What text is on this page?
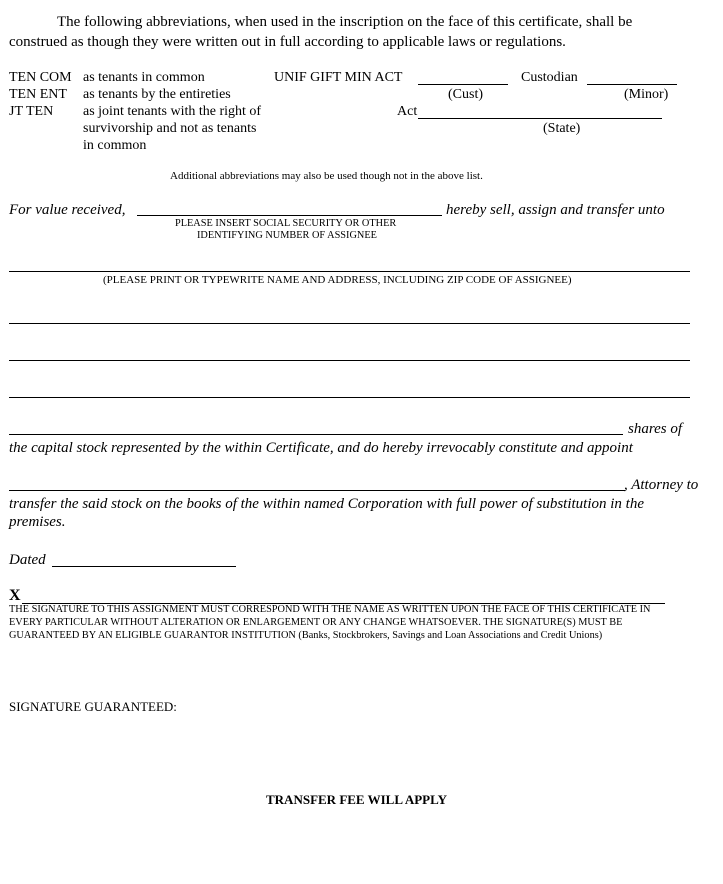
The following abbreviations, when used in the inscription on the face of this certificate, shall be
construed as though they were written out in full according to applicable laws or regulations.
TEN COM as tenants in common
TEN ENT as tenants by the entireties
JT TEN as joint tenants with the right of
survivorship and not as tenants
in common
UNIF GIFT MIN ACT	Custodian
(Cust)	(Minor)
Act
(State)
Additional abbreviations may also be used though not in the above list.
For value received,	hereby sell, assign and transfer unto
PLEASE INSERT SOCIAL SECURITY OR OTHER
IDENTIFYING NUMBER OF ASSIGNEE
(PLEASE PRINT OR TYPEWRITE NAME AND ADDRESS, INCLUDING ZIP CODE OF ASSIGNEE)
shares of
the capital stock represented by the within Certificate, and do hereby irrevocably constitute and appoint
, Attorney to
transfer the said stock on the books of the within named Corporation with full power of substitution in the
premises.
Dated
X
THE SIGNATURE TO THIS ASSIGNMENT MUST CORRESPOND WITH THE NAME AS WRITTEN UPON THE FACE OF THIS CERTIFICATE IN
EVERY PARTICULAR WITHOUT ALTERATION OR ENLARGEMENT OR ANY CHANGE WHATSOEVER. THE SIGNATURE(S) MUST BE
GUARANTEED BY AN ELIGIBLE GUARANTOR INSTITUTION (Banks, Stockbrokers, Savings and Loan Associations and Credit Unions)
SIGNATURE GUARANTEED:
TRANSFER FEE WILL APPLY
